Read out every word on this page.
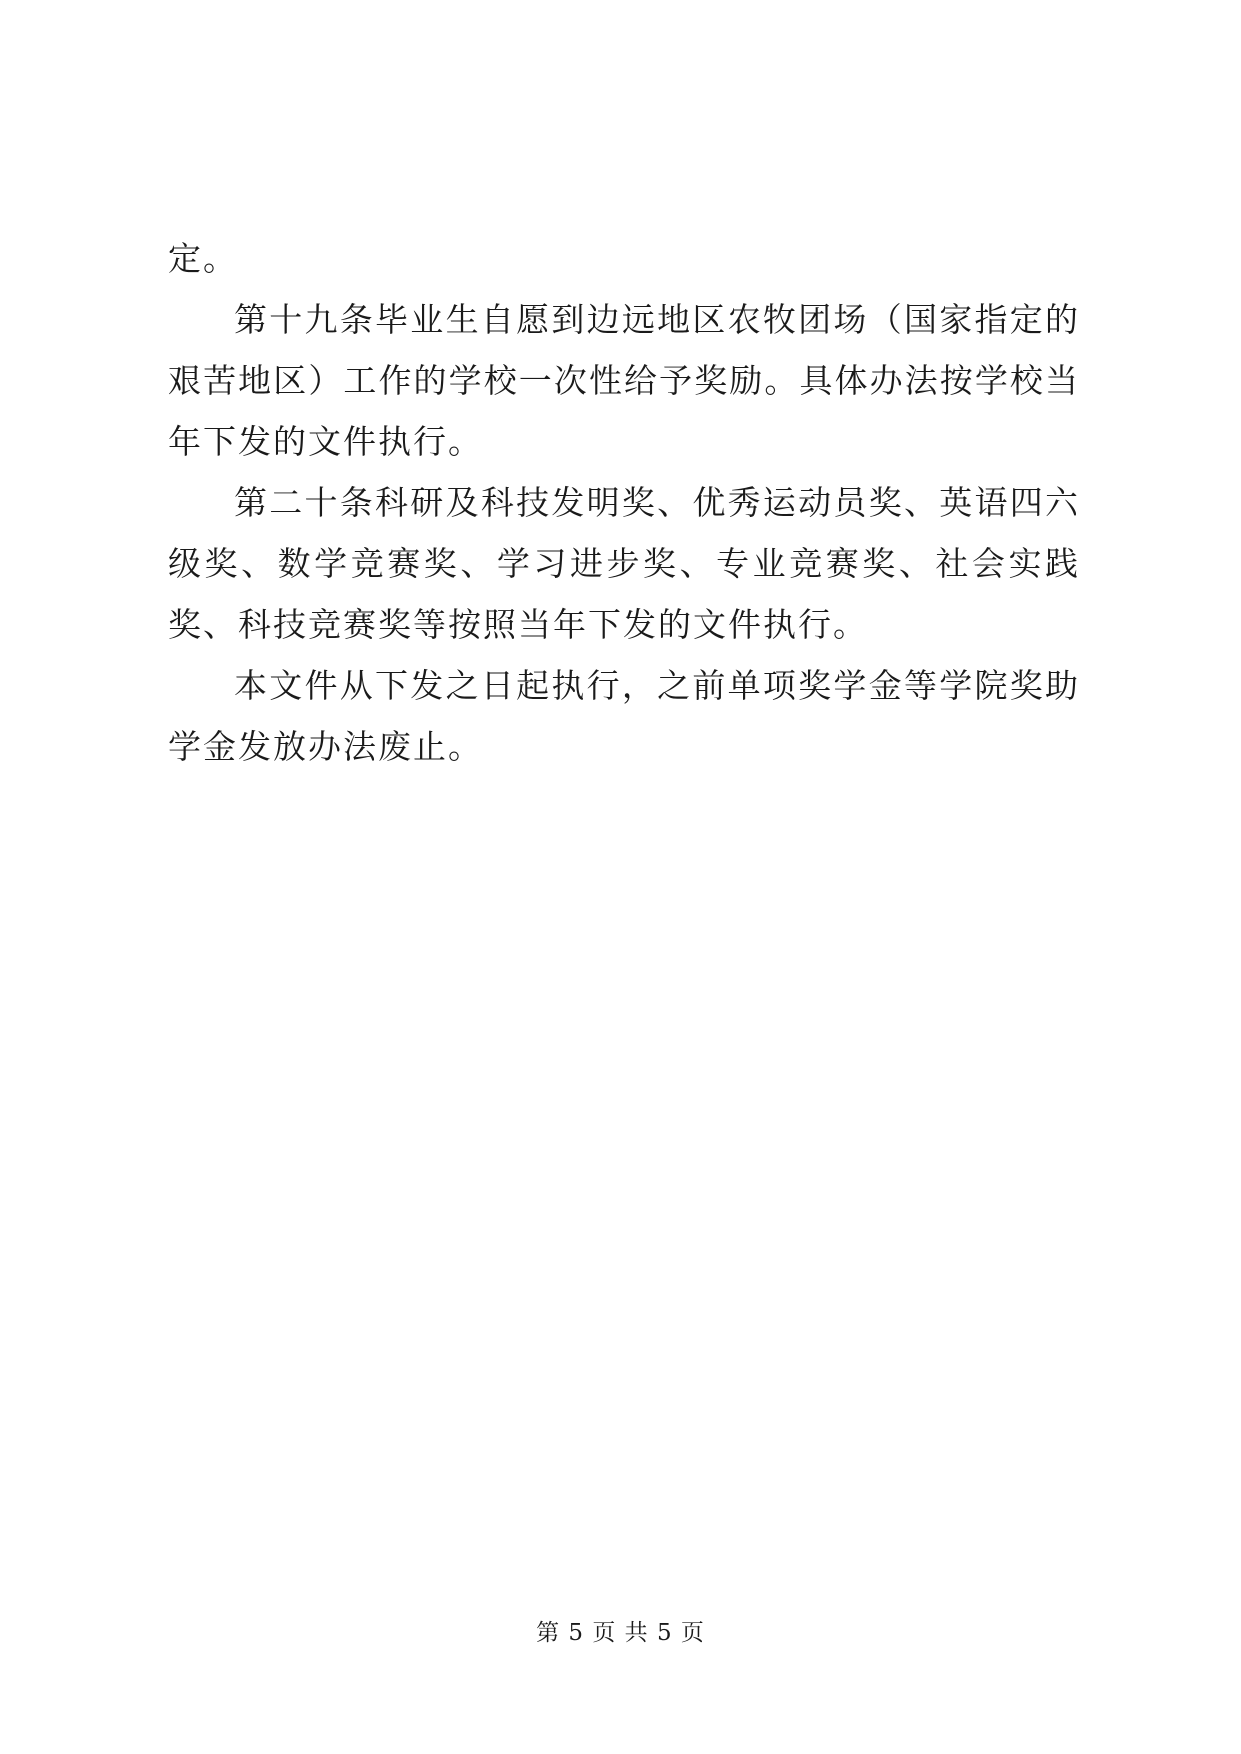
定。

第十九条毕业生自愿到边远地区农牧团场（国家指定的艰苦地区）工作的学校一次性给予奖励。具体办法按学校当年下发的文件执行。

第二十条科研及科技发明奖、优秀运动员奖、英语四六级奖、数学竞赛奖、学习进步奖、专业竞赛奖、社会实践奖、科技竞赛奖等按照当年下发的文件执行。

本文件从下发之日起执行，之前单项奖学金等学院奖助学金发放办法废止。

第 5 页 共 5 页
